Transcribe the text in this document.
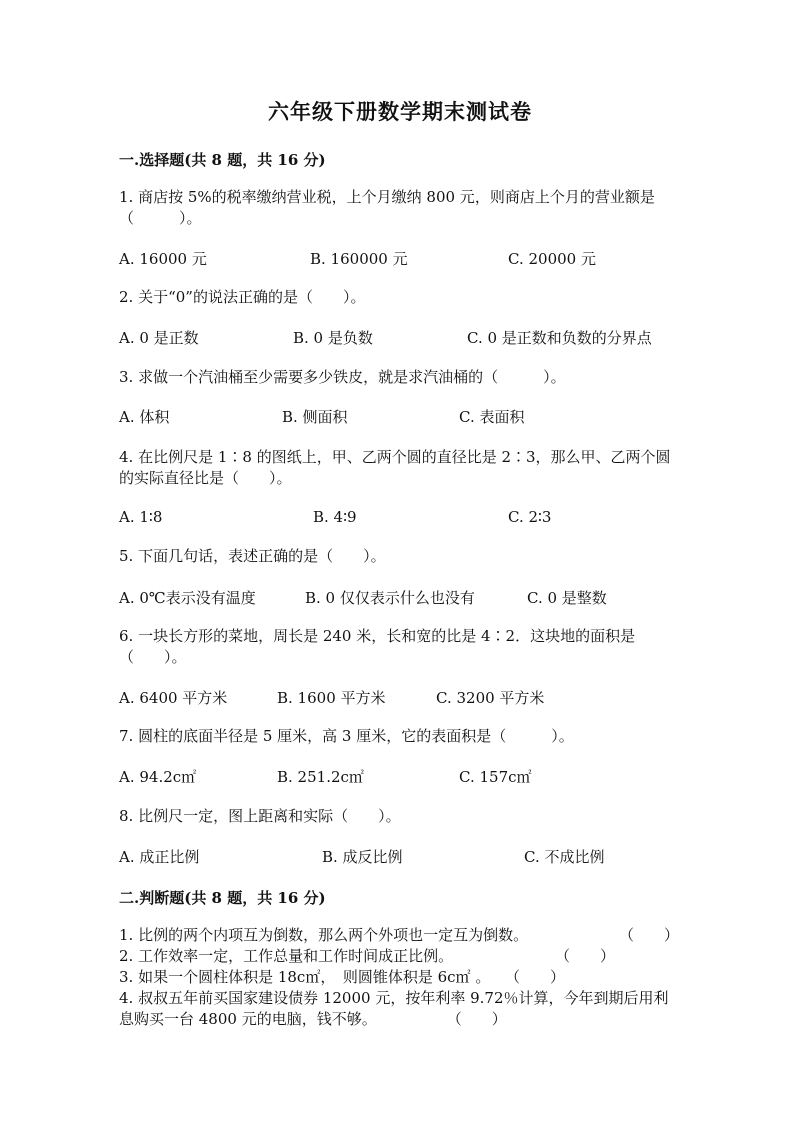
六年级下册数学期末测试卷
一.选择题(共 8 题，共 16 分)
1. 商店按 5%的税率缴纳营业税，上个月缴纳 800 元，则商店上个月的营业额是（　　　）。
A. 16000 元	B. 160000 元	C. 20000 元
2. 关于“0”的说法正确的是（　　）。
A. 0 是正数	B. 0 是负数	C. 0 是正数和负数的分界点
3. 求做一个汽油桶至少需要多少铁皮，就是求汽油桶的（　　　）。
A. 体积	B. 侧面积	C. 表面积
4. 在比例尺是 1∶8 的图纸上，甲、乙两个圆的直径比是 2∶3，那么甲、乙两个圆的实际直径比是（　　）。
A. 1∶8	B. 4∶9	C. 2∶3
5. 下面几句话，表述正确的是（　　）。
A. 0℃表示没有温度	B. 0 仅仅表示什么也没有	C. 0 是整数
6. 一块长方形的菜地，周长是 240 米，长和宽的比是 4∶2．这块地的面积是（　　）。
A. 6400 平方米	B. 1600 平方米	C. 3200 平方米
7. 圆柱的底面半径是 5 厘米，高 3 厘米，它的表面积是（　　　）。
A. 94.2c㎡	B. 251.2c㎡	C. 157c㎡
8. 比例尺一定，图上距离和实际（　　）。
A. 成正比例	B. 成反比例	C. 不成比例
二.判断题(共 8 题，共 16 分)
1. 比例的两个内项互为倒数，那么两个外项也一定互为倒数。	（　　）
2. 工作效率一定，工作总量和工作时间成正比例。	（　　）
3. 如果一个圆柱体积是 18c㎡，　则圆锥体积是 6c㎡ 。 （　　）
4. 叔叔五年前买国家建设债券 12000 元，按年利率 9.72％计算，今年到期后用利息购买一台 4800 元的电脑，钱不够。	（　　）
